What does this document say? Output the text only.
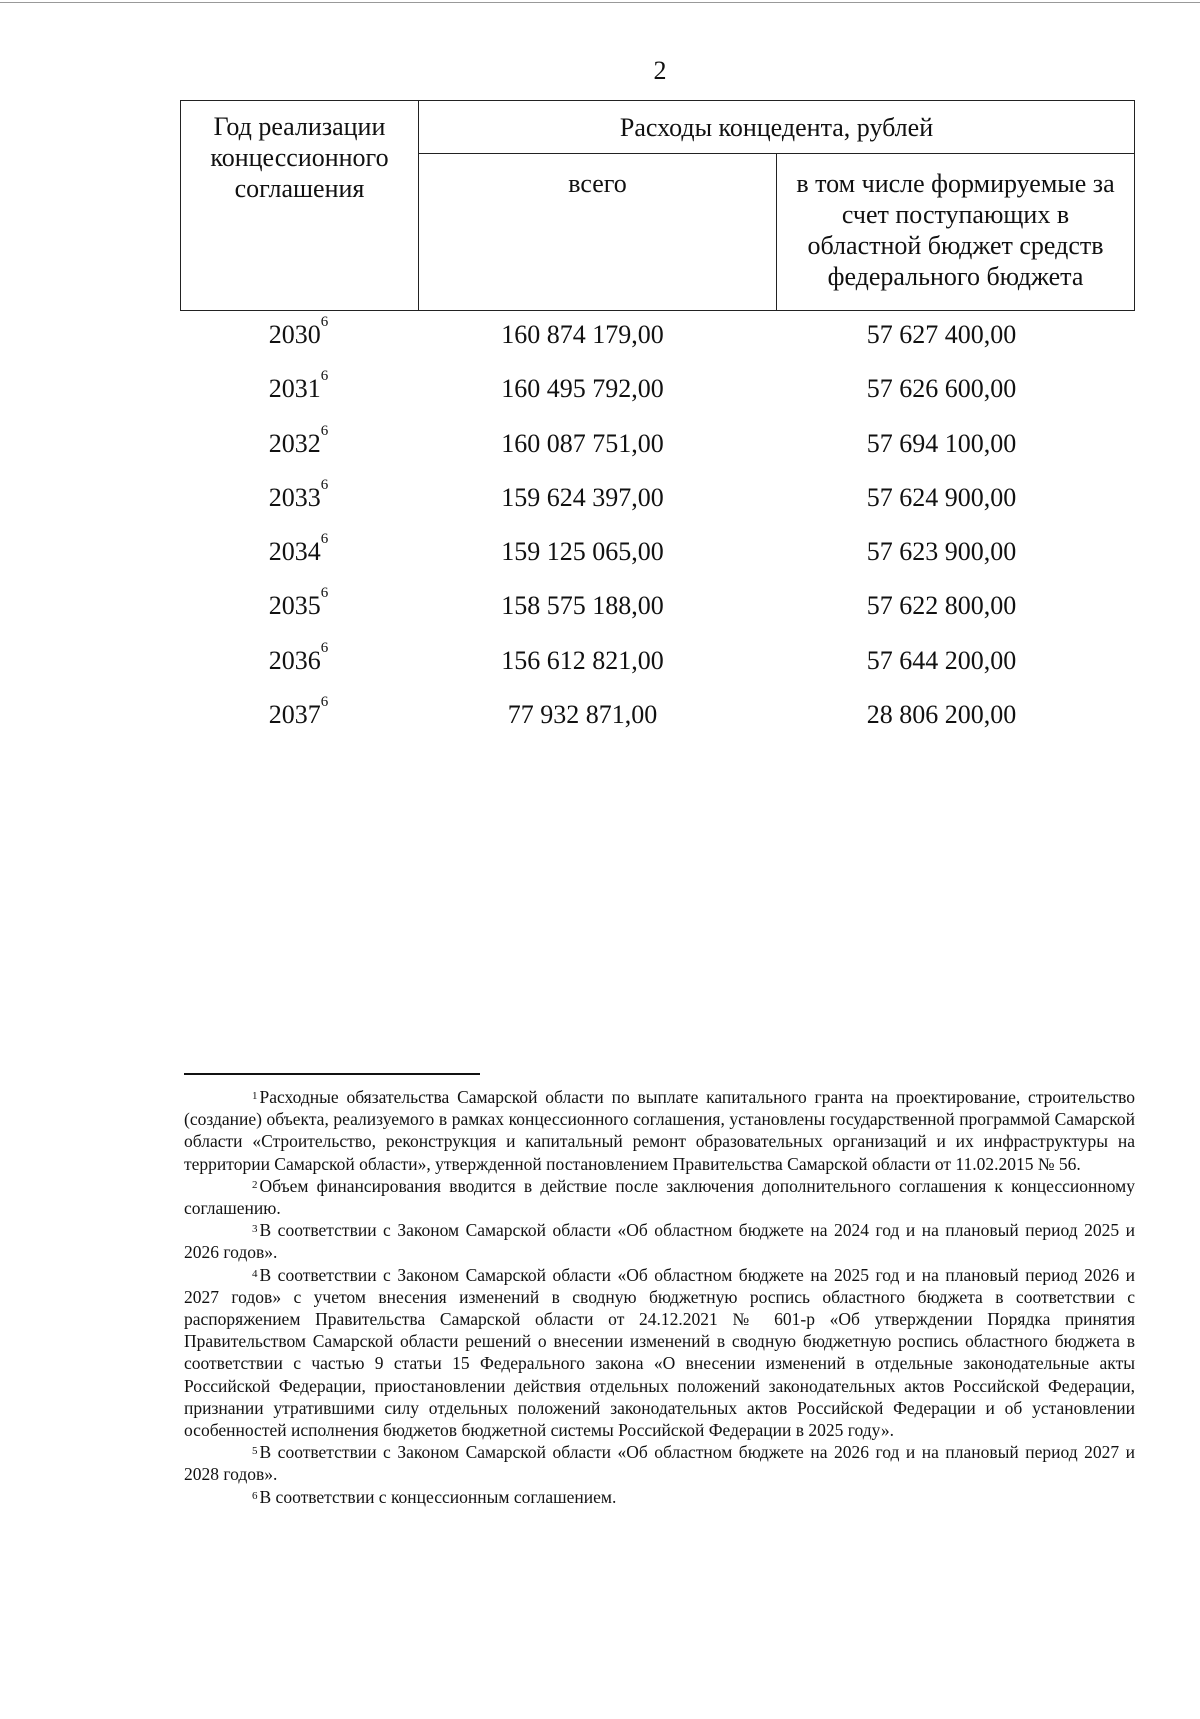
2
Год реализации концессионного соглашения	Расходы концедента, рублей	
	всего	в том числе формируемые за счет поступающих в областной бюджет средств федерального бюджета
2030$^6$	160 874 179,00	57 627 400,00
2031$^6$	160 495 792,00	57 626 600,00
2032$^6$	160 087 751,00	57 694 100,00
2033$^6$	159 624 397,00	57 624 900,00
2034$^6$	159 125 065,00	57 623 900,00
2035$^6$	158 575 188,00	57 622 800,00
2036$^6$	156 612 821,00	57 644 200,00
2037$^6$	77 932 871,00	28 806 200,00

$^1$ Расходные обязательства Самарской области по выплате капитального гранта на проектирование, строительство (создание) объекта, реализуемого в рамках концессионного соглашения, установлены государственной программой Самарской области «Строительство, реконструкция и капитальный ремонт образовательных организаций и их инфраструктуры на территории Самарской области», утвержденной постановлением Правительства Самарской области от 11.02.2015 № 56.

$^2$ Объем финансирования вводится в действие после заключения дополнительного соглашения к концессионному соглашению.

$^3$ В соответствии с Законом Самарской области «Об областном бюджете на 2024 год и на плановый период 2025 и 2026 годов».

$^4$ В соответствии с Законом Самарской области «Об областном бюджете на 2025 год и на плановый период 2026 и 2027 годов» с учетом внесения изменений в сводную бюджетную роспись областного бюджета в соответствии с распоряжением Правительства Самарской области от 24.12.2021 № 601-р «Об утверждении Порядка принятия Правительством Самарской области решений о внесении изменений в сводную бюджетную роспись областного бюджета в соответствии с частью 9 статьи 15 Федерального закона «О внесении изменений в отдельные законодательные акты Российской Федерации, приостановлении действия отдельных положений законодательных актов Российской Федерации, признании утратившими силу отдельных положений законодательных актов Российской Федерации и об установлении особенностей исполнения бюджетов бюджетной системы Российской Федерации в 2025 году».

$^5$ В соответствии с Законом Самарской области «Об областном бюджете на 2026 год и на плановый период 2027 и 2028 годов».

$^6$ В соответствии с концессионным соглашением.
